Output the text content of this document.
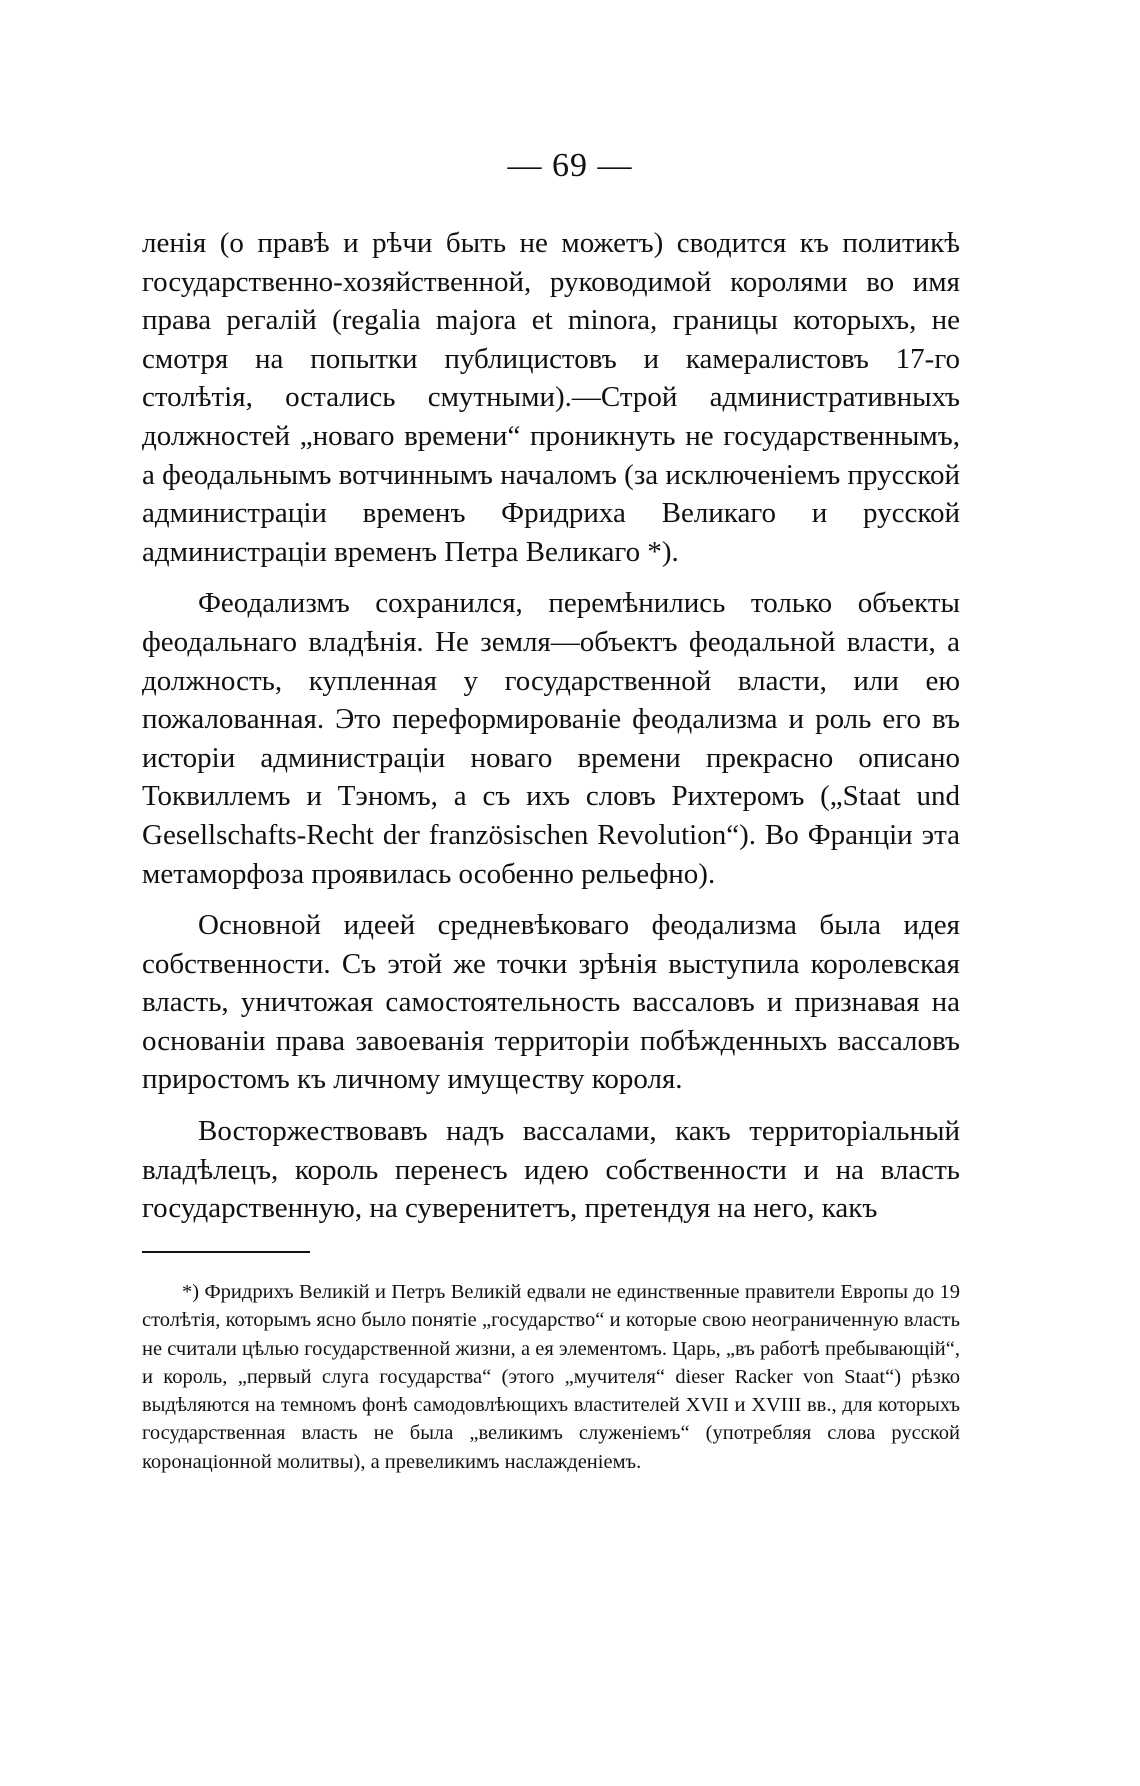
— 69 —

ленія (о правѣ и рѣчи быть не можетъ) сводится къ политикѣ государственно-хозяйственной, руководимой королями во имя права регалій (regalia majora et minora, границы которыхъ, не смотря на попытки публицистовъ и камералистовъ 17-го столѣтія, остались смутными).—Строй административныхъ должностей „новаго времени“ проникнуть не государственнымъ, а феодальнымъ вотчиннымъ началомъ (за исключеніемъ прусской администраціи временъ Фридриха Великаго и русской администраціи временъ Петра Великаго *).

Феодализмъ сохранился, перемѣнились только объекты феодальнаго владѣнія. Не земля—объектъ феодальной власти, а должность, купленная у государственной власти, или ею пожалованная. Это переформированіе феодализма и роль его въ исторіи администраціи новаго времени прекрасно описано Токвиллемъ и Тэномъ, а съ ихъ словъ Рихтеромъ („Staat und Gesellschafts-Recht der französischen Revolution“). Во Франціи эта метаморфоза проявилась особенно рельефно).

Основной идеей средневѣковаго феодализма была идея собственности. Съ этой же точки зрѣнія выступила королевская власть, уничтожая самостоятельность вассаловъ и признавая на основаніи права завоеванія территоріи побѣжденныхъ вассаловъ приростомъ къ личному имуществу короля.

Восторжествовавъ надъ вассалами, какъ территоріальный владѣлецъ, король перенесъ идею собственности и на власть государственную, на суверенитетъ, претендуя на него, какъ

*) Фридрихъ Великій и Петръ Великій едвали не единственные правители Европы до 19 столѣтія, которымъ ясно было понятіе „государство“ и которые свою неограниченную власть не считали цѣлью государственной жизни, а ея элементомъ. Царь, „въ работѣ пребывающій“, и король, „первый слуга государства“ (этого „мучителя“ dieser Racker von Staat“) рѣзко выдѣляются на темномъ фонѣ самодовлѣющихъ властителей XVII и XVIII вв., для которыхъ государственная власть не была „великимъ служеніемъ“ (употребляя слова русской коронаціонной молитвы), а превеликимъ наслажденіемъ.
